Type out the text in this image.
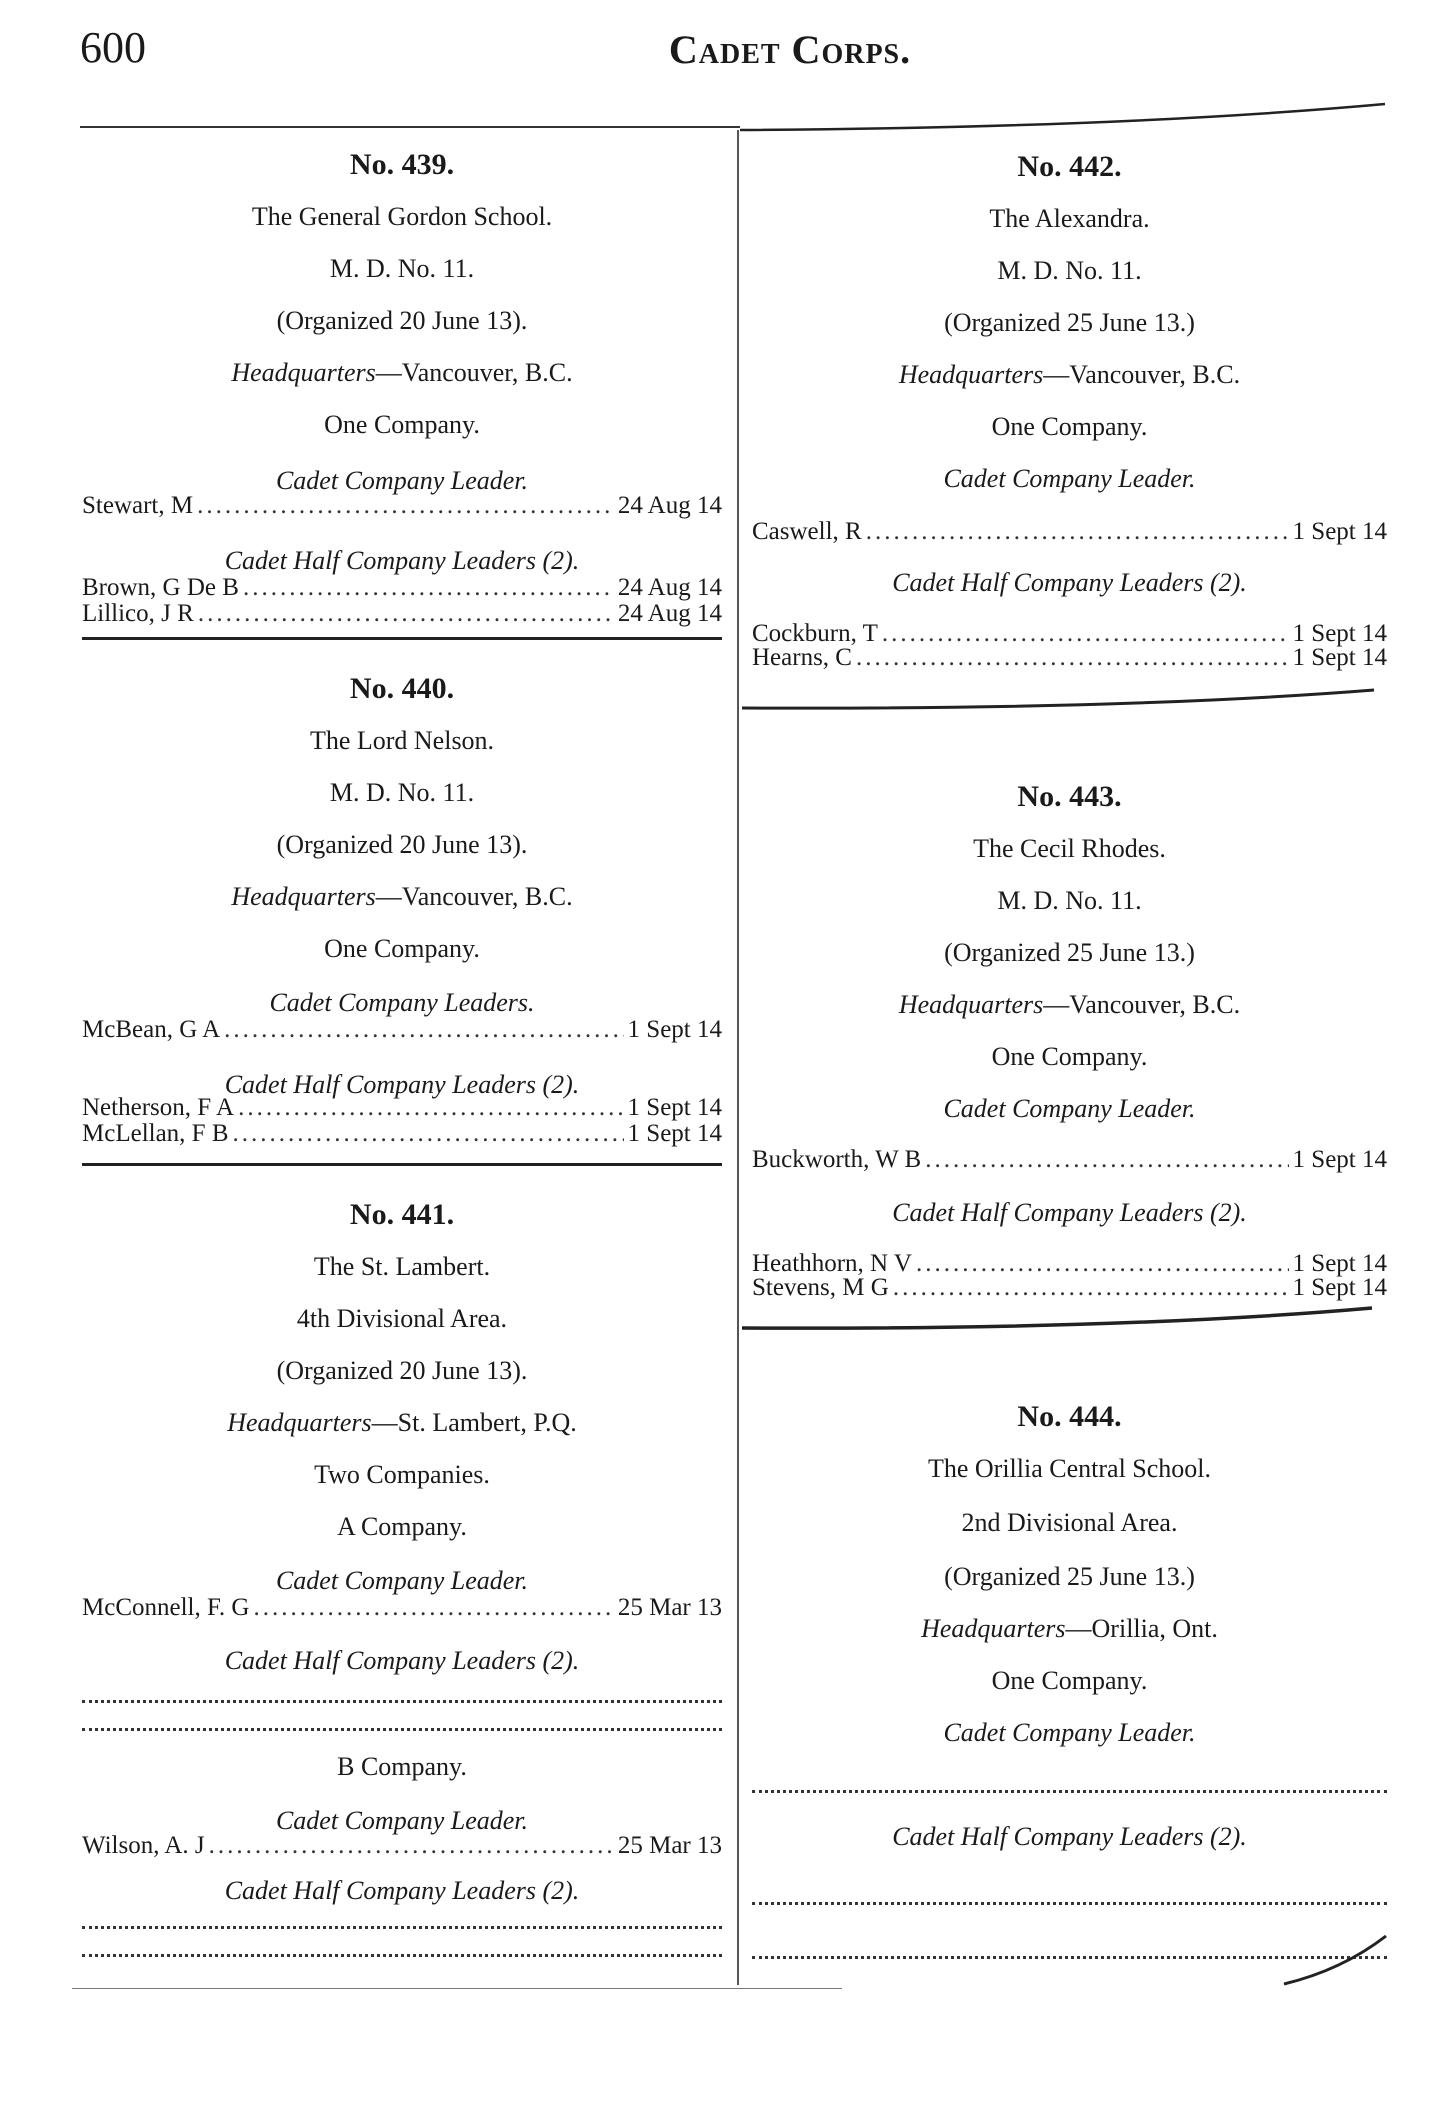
600	Cadet Corps.
No. 439.
The General Gordon School.
M. D. No. 11.
(Organized 20 June 13).
Headquarters—Vancouver, B.C.
One Company.
Cadet Company Leader.
Stewart, M .....	24 Aug 14
Cadet Half Company Leaders (2).
Brown, G De B .....	24 Aug 14
Lillico, J R .....	24 Aug 14
No. 440.
The Lord Nelson.
M. D. No. 11.
(Organized 20 June 13).
Headquarters—Vancouver, B.C.
One Company.
Cadet Company Leaders.
McBean, G A .....	1 Sept 14
Cadet Half Company Leaders (2).
Netherson, F A .....	1 Sept 14
McLellan, F B .....	1 Sept 14
No. 441.
The St. Lambert.
4th Divisional Area.
(Organized 20 June 13).
Headquarters—St. Lambert, P.Q.
Two Companies.
A Company.
Cadet Company Leader.
McConnell, F. G .....	25 Mar 13
Cadet Half Company Leaders (2).
B Company.
Cadet Company Leader.
Wilson, A. J .....	25 Mar 13
Cadet Half Company Leaders (2).
No. 442.
The Alexandra.
M. D. No. 11.
(Organized 25 June 13.)
Headquarters—Vancouver, B.C.
One Company.
Cadet Company Leader.
Caswell, R .....	1 Sept 14
Cadet Half Company Leaders (2).
Cockburn, T .....	1 Sept 14
Hearns, C .....	1 Sept 14
No. 443.
The Cecil Rhodes.
M. D. No. 11.
(Organized 25 June 13.)
Headquarters—Vancouver, B.C.
One Company.
Cadet Company Leader.
Buckworth, W B .....	1 Sept 14
Cadet Half Company Leaders (2).
Heathhorn, N V .....	1 Sept 14
Stevens, M G .....	1 Sept 14
No. 444.
The Orillia Central School.
2nd Divisional Area.
(Organized 25 June 13.)
Headquarters—Orillia, Ont.
One Company.
Cadet Company Leader.
Cadet Half Company Leaders (2).
